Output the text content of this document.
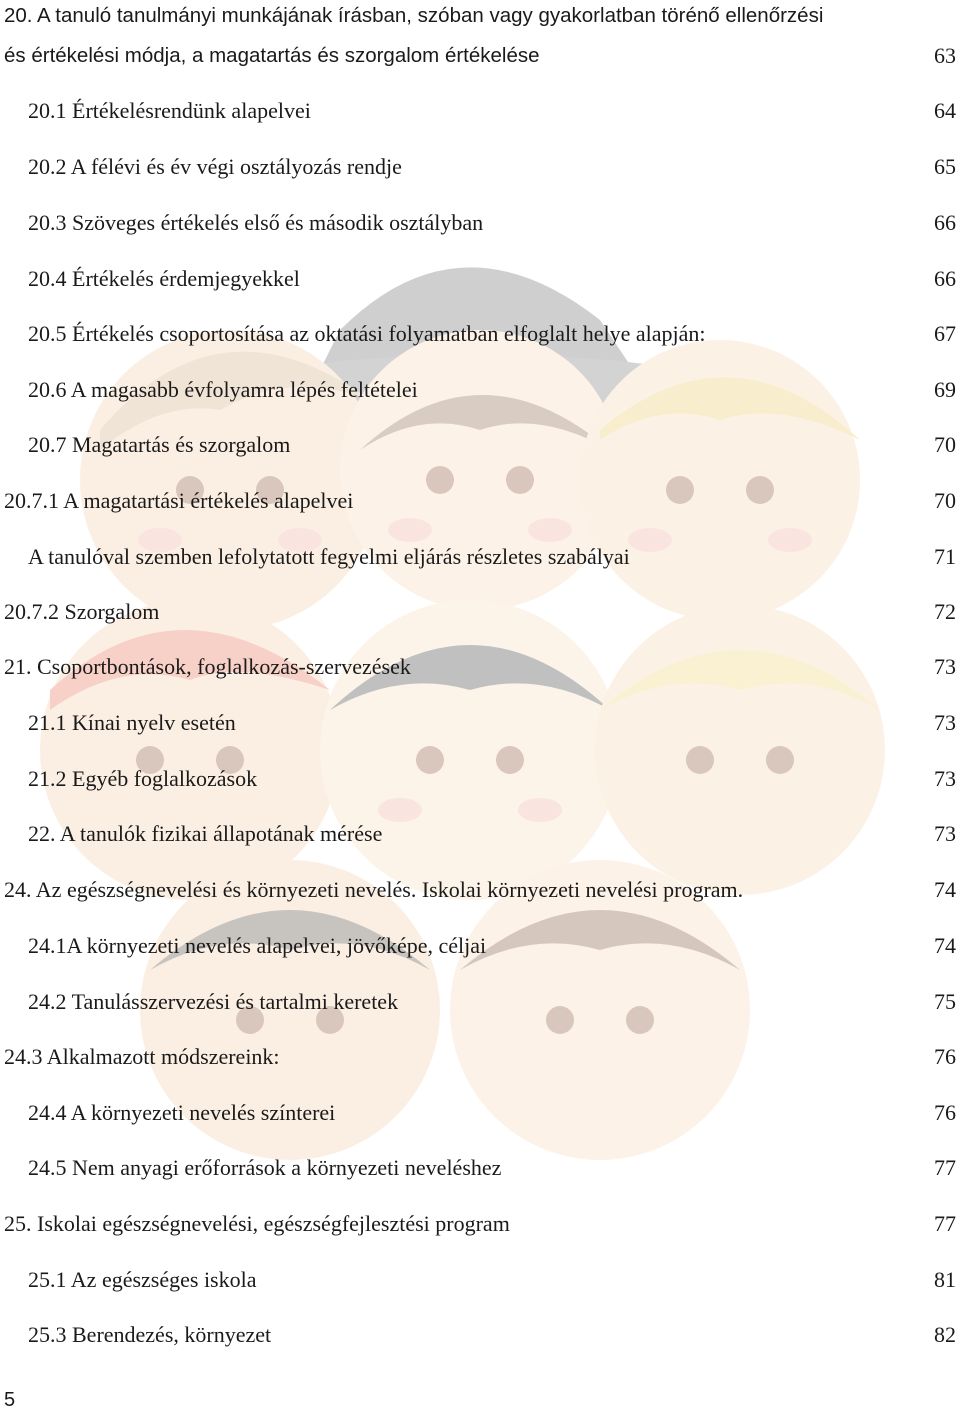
20. A tanuló tanulmányi munkájának írásban, szóban vagy gyakorlatban törénő ellenőrzési
és értékelési módja, a magatartás és szorgalom értékelése	63
20.1 Értékelésrendünk alapelvei	64
20.2 A félévi és év végi osztályozás rendje	65
20.3 Szöveges értékelés első és második osztályban	66
20.4 Értékelés érdemjegyekkel	66
20.5 Értékelés csoportosítása az oktatási folyamatban elfoglalt helye alapján:	67
20.6 A magasabb évfolyamra lépés feltételei	69
20.7 Magatartás és szorgalom	70
20.7.1 A magatartási értékelés alapelvei	70
A tanulóval szemben lefolytatott fegyelmi eljárás részletes szabályai	71
20.7.2 Szorgalom	72
21. Csoportbontások, foglalkozás-szervezések	73
21.1 Kínai nyelv esetén	73
21.2 Egyéb foglalkozások	73
22. A tanulók fizikai állapotának mérése	73
24. Az egészségnevelési és környezeti nevelés. Iskolai környezeti nevelési program.	74
24.1A környezeti nevelés alapelvei, jövőképe, céljai	74
24.2 Tanulásszervezési és tartalmi keretek	75
24.3 Alkalmazott módszereink:	76
24.4 A környezeti nevelés színterei	76
24.5 Nem anyagi erőforrások a környezeti neveléshez	77
25. Iskolai egészségnevelési, egészségfejlesztési program	77
25.1 Az egészséges iskola	81
25.3 Berendezés, környezet	82
5
